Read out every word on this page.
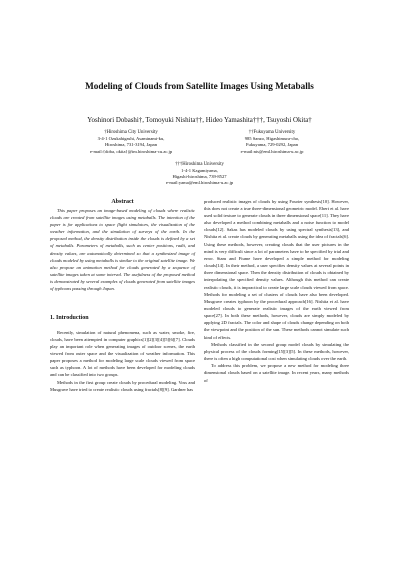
Modeling of Clouds from Satellite Images Using Metaballs
Yoshinori Dobashi†, Tomoyuki Nishita††, Hideo Yamashita†††, Tsuyoshi Okita†
†Hiroshima City University
3-4-1 Ozukahigashi, Asaminami-ku,
Hiroshima, 731-3194, Japan
e-mail:{doba, okita}@im.hiroshima-cu.ac.jp
††Fukuyama University
985 Sanzo, Higashimura-cho,
Fukuyama, 729-0292, Japan
e-mail:nis@eml.hiroshima-u.ac.jp
†††Hiroshima University
1-4-1 Kagamiyama,
Higashi-hiroshima, 739-8527
e-mail:yama@eml.hiroshima-u.ac.jp
Abstract

This paper proposes an image-based modeling of clouds where realistic clouds are created from satellite images using metaballs. The intention of the paper is for applications to space flight simulators, the visualization of the weather information, and the simulation of surveys of the earth. In the proposed method, the density distribution inside the clouds is defined by a set of metaballs. Parameters of metaballs, such as center positions, radii, and density values, are automatically determined so that a synthesized image of clouds modeled by using metaballs is similar to the original satellite image. We also propose an animation method for clouds generated by a sequence of satellite images taken at some interval. The usefulness of the proposed method is demonstrated by several examples of clouds generated from satellite images of typhoons passing through Japan.

1. Introduction

Recently, simulation of natural phenomena, such as water, smoke, fire, clouds, have been attempted in computer graphics[1][2][3][4][5][6][7]. Clouds play an important role when generating images of outdoor scenes, the earth viewed from outer space and the visualization of weather information. This paper proposes a method for modeling large scale clouds viewed from space such as typhoon. A lot of methods have been developed for modeling clouds and can be classified into two groups.

Methods in the first group create clouds by procedural modeling. Voss and Musgrave have tried to create realistic clouds using fractals[8][9]. Gardner has

produced realistic images of clouds by using Fourier synthesis[10]. However, this does not create a true three-dimensional geometric model. Ebert et al. have used solid texture to generate clouds in three dimensional space[11]. They have also developed a method combining metaballs and a noise function to model clouds[12]. Sakas has modeled clouds by using spectral synthesis[13], and Nishita et al. create clouds by generating metaballs using the idea of fractals[6]. Using these methods, however, creating clouds that the user pictures in the mind is very difficult since a lot of parameters have to be specified by trial and error. Stam and Fiume have developed a simple method for modeling clouds[14]. In their method, a user specifies density values at several points in three dimensional space. Then the density distribution of clouds is obtained by interpolating the specified density values. Although this method can create realistic clouds, it is impractical to create large scale clouds viewed from space. Methods for modeling a set of clusters of clouds have also been developed. Musgrave creates typhoon by the procedural approach[16]. Nishita et al. have modeled clouds to generate realistic images of the earth viewed from space[27]. In both these methods, however, clouds are simply modeled by applying 2D fractals. The color and shape of clouds change depending on both the viewpoint and the position of the sun. These methods cannot simulate such kind of effects.

Methods classified in the second group model clouds by simulating the physical process of the clouds forming[15][3][5]. In these methods, however, there is often a high computational cost when simulating clouds over the earth.

To address this problem, we propose a new method for modeling three dimensional clouds based on a satellite image. In recent years, many methods of
